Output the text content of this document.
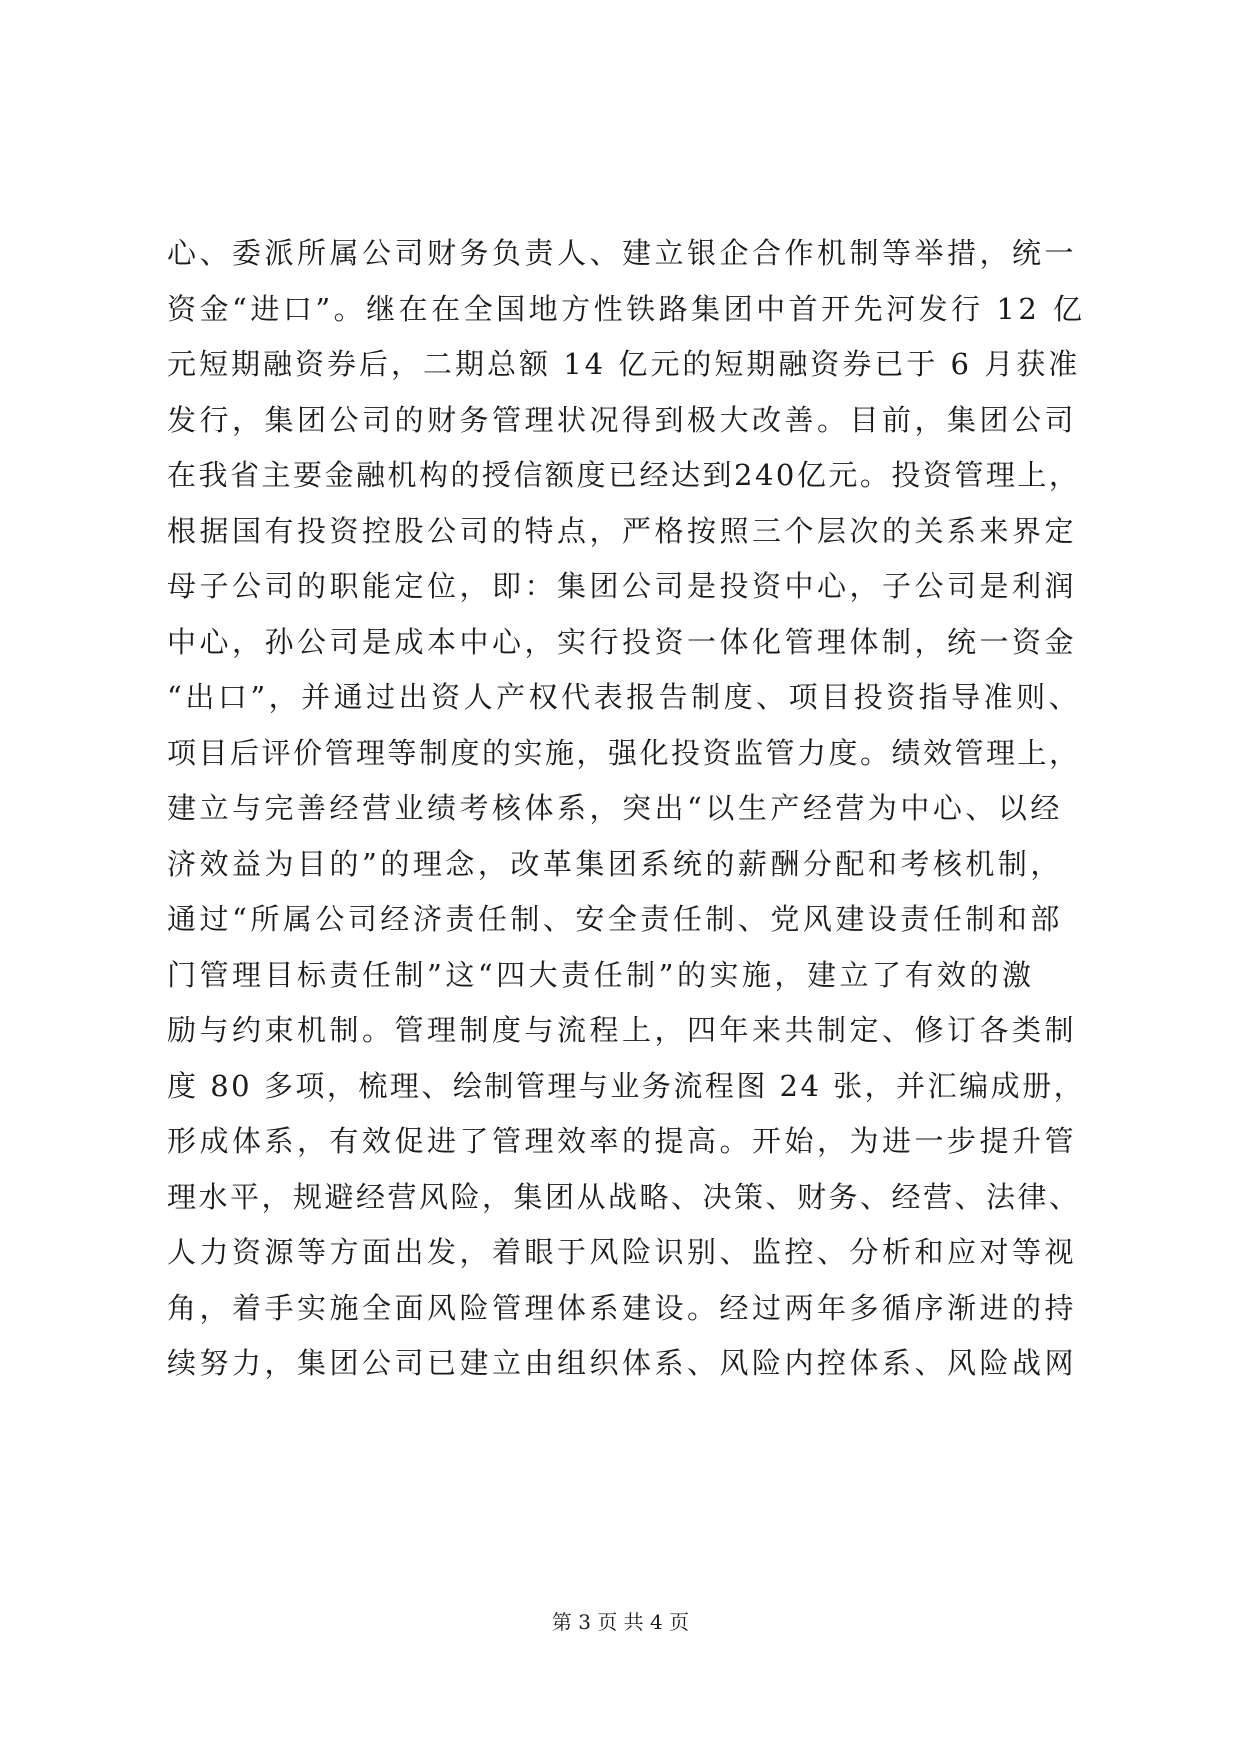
心、委派所属公司财务负责人、建立银企合作机制等举措，统一
资金“进口”。继在在全国地方性铁路集团中首开先河发行 12 亿
元短期融资券后，二期总额 14 亿元的短期融资券已于 6 月获准
发行，集团公司的财务管理状况得到极大改善。目前，集团公司
在我省主要金融机构的授信额度已经达到240亿元。投资管理上，
根据国有投资控股公司的特点，严格按照三个层次的关系来界定
母子公司的职能定位，即：集团公司是投资中心，子公司是利润
中心，孙公司是成本中心，实行投资一体化管理体制，统一资金
“出口”，并通过出资人产权代表报告制度、项目投资指导准则、
项目后评价管理等制度的实施，强化投资监管力度。绩效管理上，
建立与完善经营业绩考核体系，突出“以生产经营为中心、以经
济效益为目的”的理念，改革集团系统的薪酬分配和考核机制，
通过“所属公司经济责任制、安全责任制、党风建设责任制和部
门管理目标责任制”这“四大责任制”的实施，建立了有效的激
励与约束机制。管理制度与流程上，四年来共制定、修订各类制
度 80 多项，梳理、绘制管理与业务流程图 24 张，并汇编成册，
形成体系，有效促进了管理效率的提高。开始，为进一步提升管
理水平，规避经营风险，集团从战略、决策、财务、经营、法律、
人力资源等方面出发，着眼于风险识别、监控、分析和应对等视
角，着手实施全面风险管理体系建设。经过两年多循序渐进的持
续努力，集团公司已建立由组织体系、风险内控体系、风险战网
第 3 页 共 4 页
